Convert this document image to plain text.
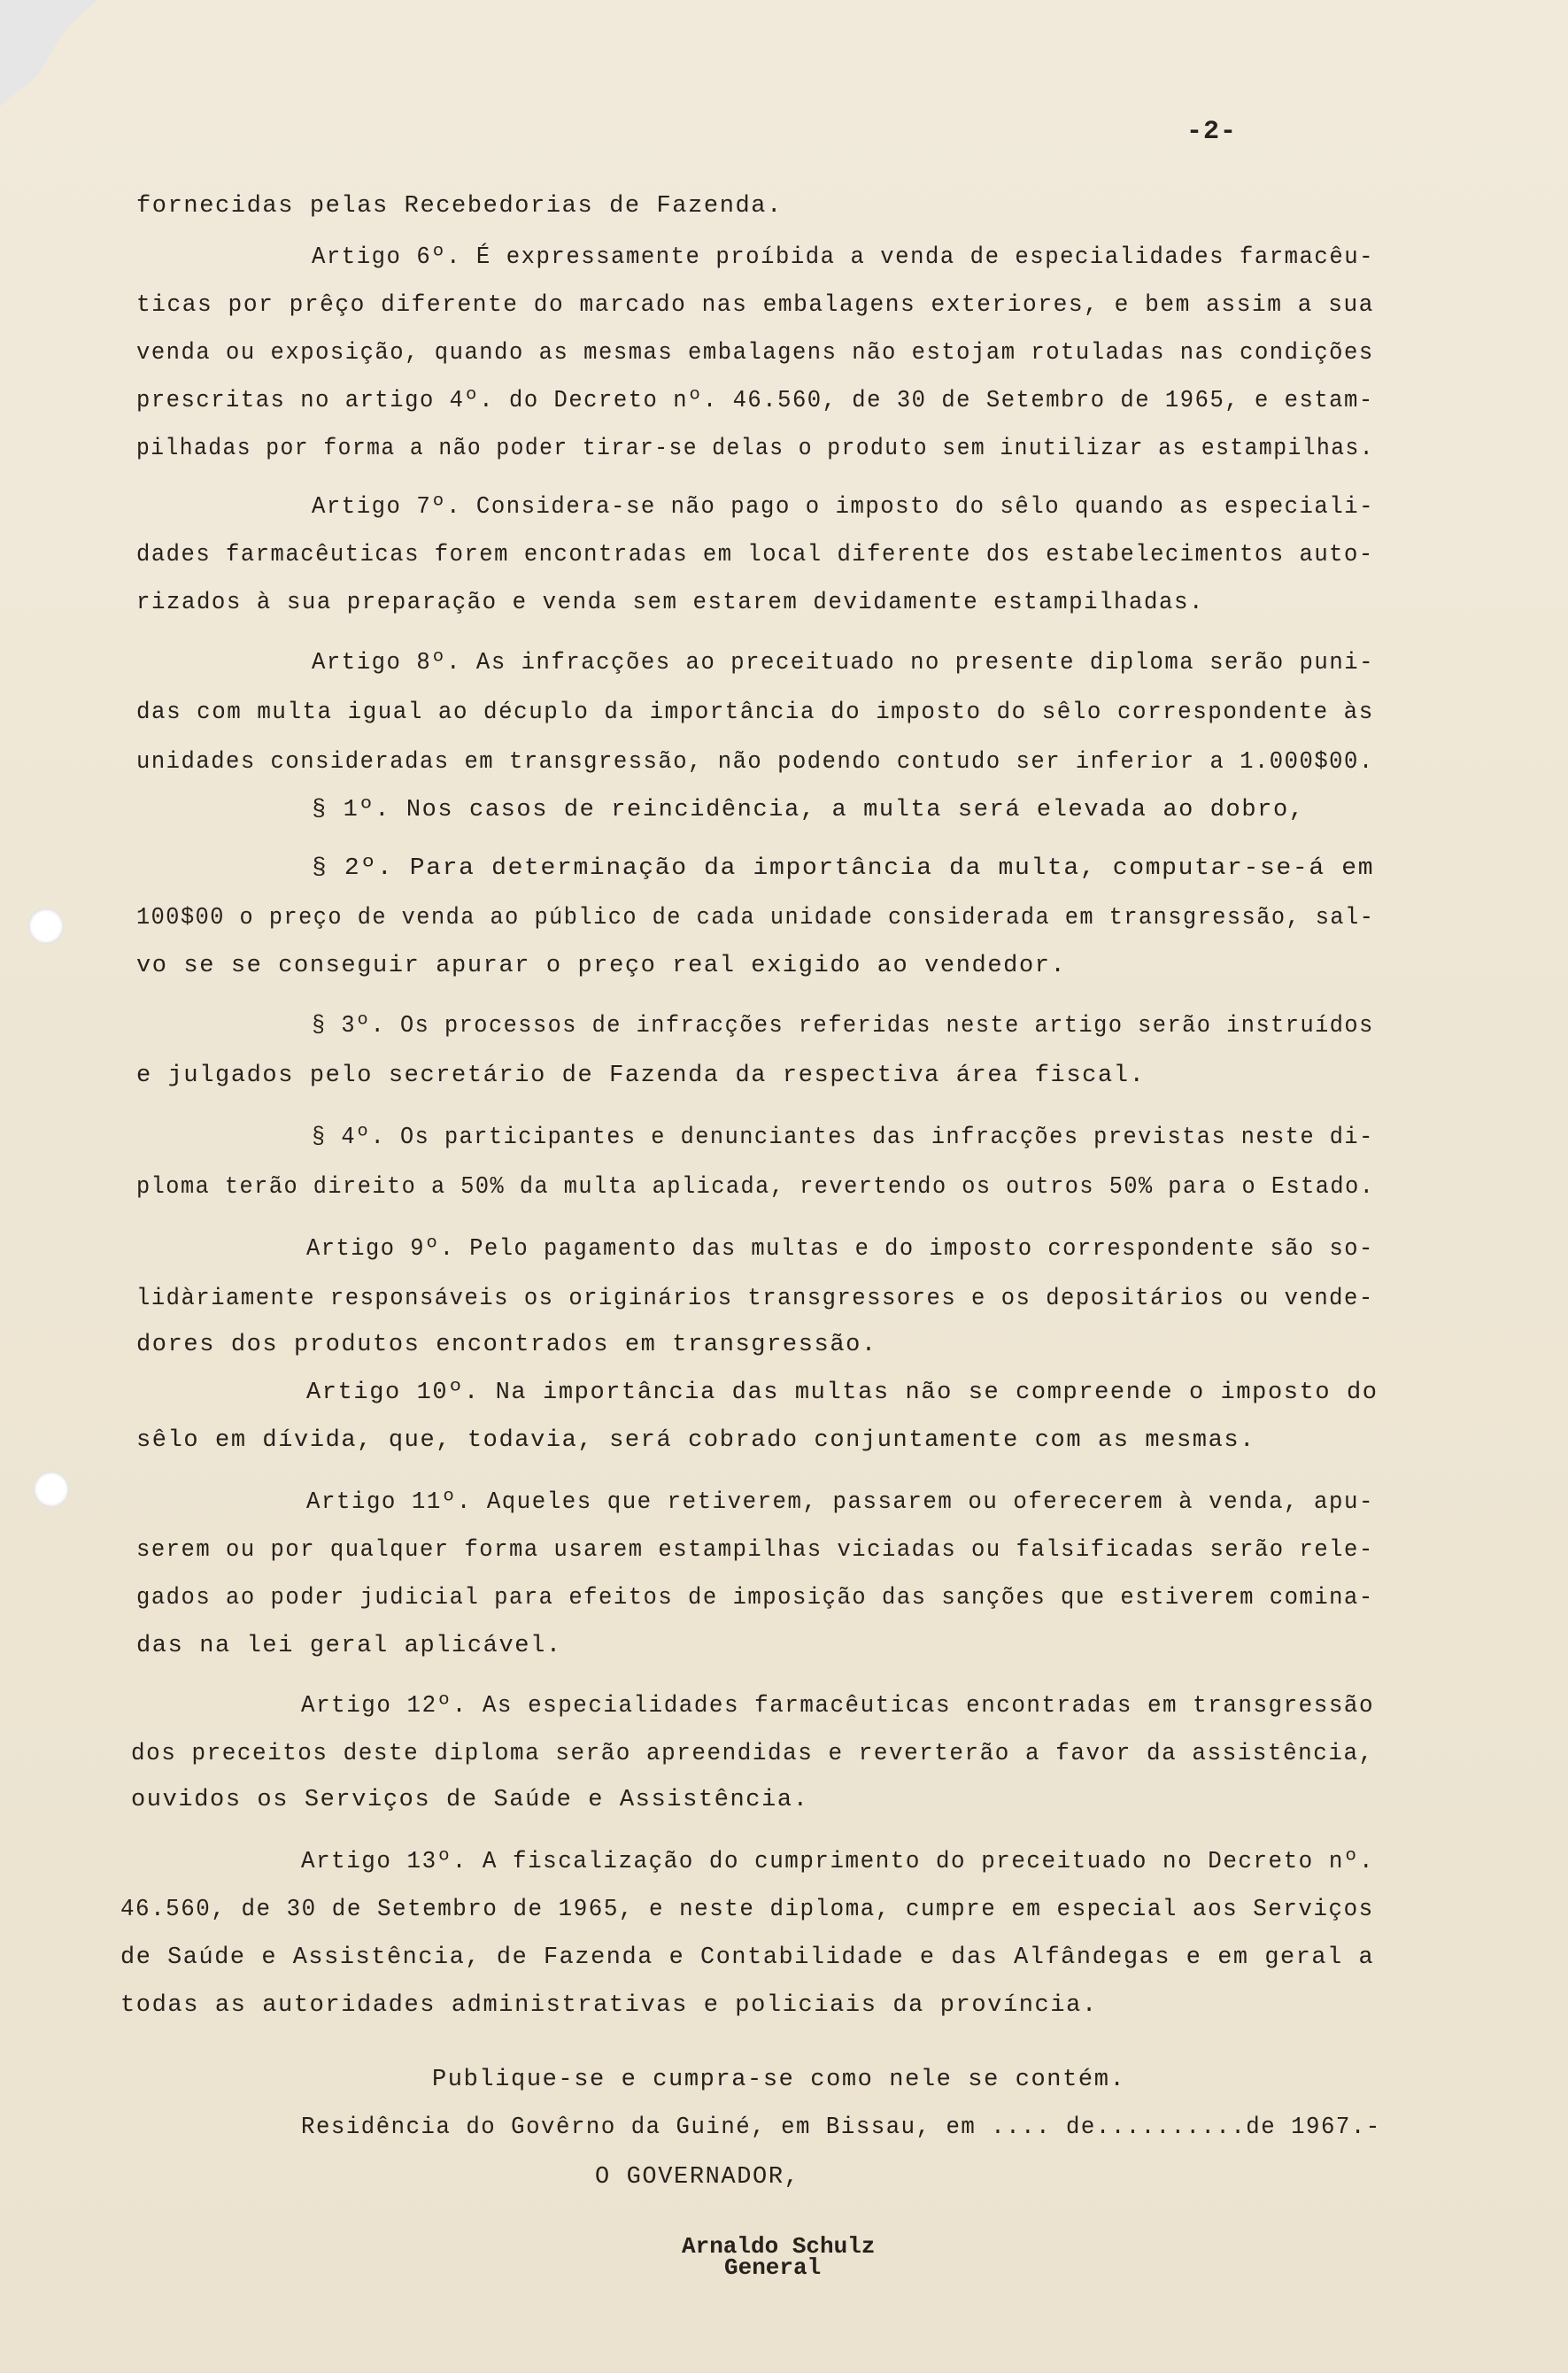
-2-
fornecidas pelas Recebedorias de Fazenda.
Artigo 6º. É expressamente proíbida a venda de especialidades farmacêu-
ticas por prêço diferente do marcado nas embalagens exteriores, e bem assim a sua
venda ou exposição, quando as mesmas embalagens não estojam rotuladas nas condições
prescritas no artigo 4º. do Decreto nº. 46.560, de 30 de Setembro de 1965, e estam-
pilhadas por forma a não poder tirar-se delas o produto sem inutilizar as estampilhas.
Artigo 7º. Considera-se não pago o imposto do sêlo quando as especiali-
dades farmacêuticas forem encontradas em local diferente dos estabelecimentos auto-
rizados à sua preparação e venda sem estarem devidamente estampilhadas.
Artigo 8º. As infracções ao preceituado no presente diploma serão puni-
das com multa igual ao décuplo da importância do imposto do sêlo correspondente às
unidades consideradas em transgressão, não podendo contudo ser inferior a 1.000$00.
§ 1º. Nos casos de reincidência, a multa será elevada ao dobro,
§ 2º. Para determinação da importância da multa, computar-se-á em
100$00 o preço de venda ao público de cada unidade considerada em transgressão, sal-
vo se se conseguir apurar o preço real exigido ao vendedor.
§ 3º. Os processos de infracções referidas neste artigo serão instruídos
e julgados pelo secretário de Fazenda da respectiva área fiscal.
§ 4º. Os participantes e denunciantes das infracções previstas neste di-
ploma terão direito a 50% da multa aplicada, revertendo os outros 50% para o Estado.
Artigo 9º. Pelo pagamento das multas e do imposto correspondente são so-
lidàriamente responsáveis os originários transgressores e os depositários ou vende-
dores dos produtos encontrados em transgressão.
Artigo 10º. Na importância das multas não se compreende o imposto do
sêlo em dívida, que, todavia, será cobrado conjuntamente com as mesmas.
Artigo 11º. Aqueles que retiverem, passarem ou oferecerem à venda, apu-
serem ou por qualquer forma usarem estampilhas viciadas ou falsificadas serão rele-
gados ao poder judicial para efeitos de imposição das sanções que estiverem comina-
das na lei geral aplicável.
Artigo 12º. As especialidades farmacêuticas encontradas em transgressão
dos preceitos deste diploma serão apreendidas e reverterão a favor da assistência,
ouvidos os Serviços de Saúde e Assistência.
Artigo 13º. A fiscalização do cumprimento do preceituado no Decreto nº.
46.560, de 30 de Setembro de 1965, e neste diploma, cumpre em especial aos Serviços
de Saúde e Assistência, de Fazenda e Contabilidade e das Alfândegas e em geral a
todas as autoridades administrativas e policiais da província.
Publique-se e cumpra-se como nele se contém.
Residência do Govêrno da Guiné, em Bissau, em .... de..........de 1967.-
O GOVERNADOR,
Arnaldo Schulz
General
